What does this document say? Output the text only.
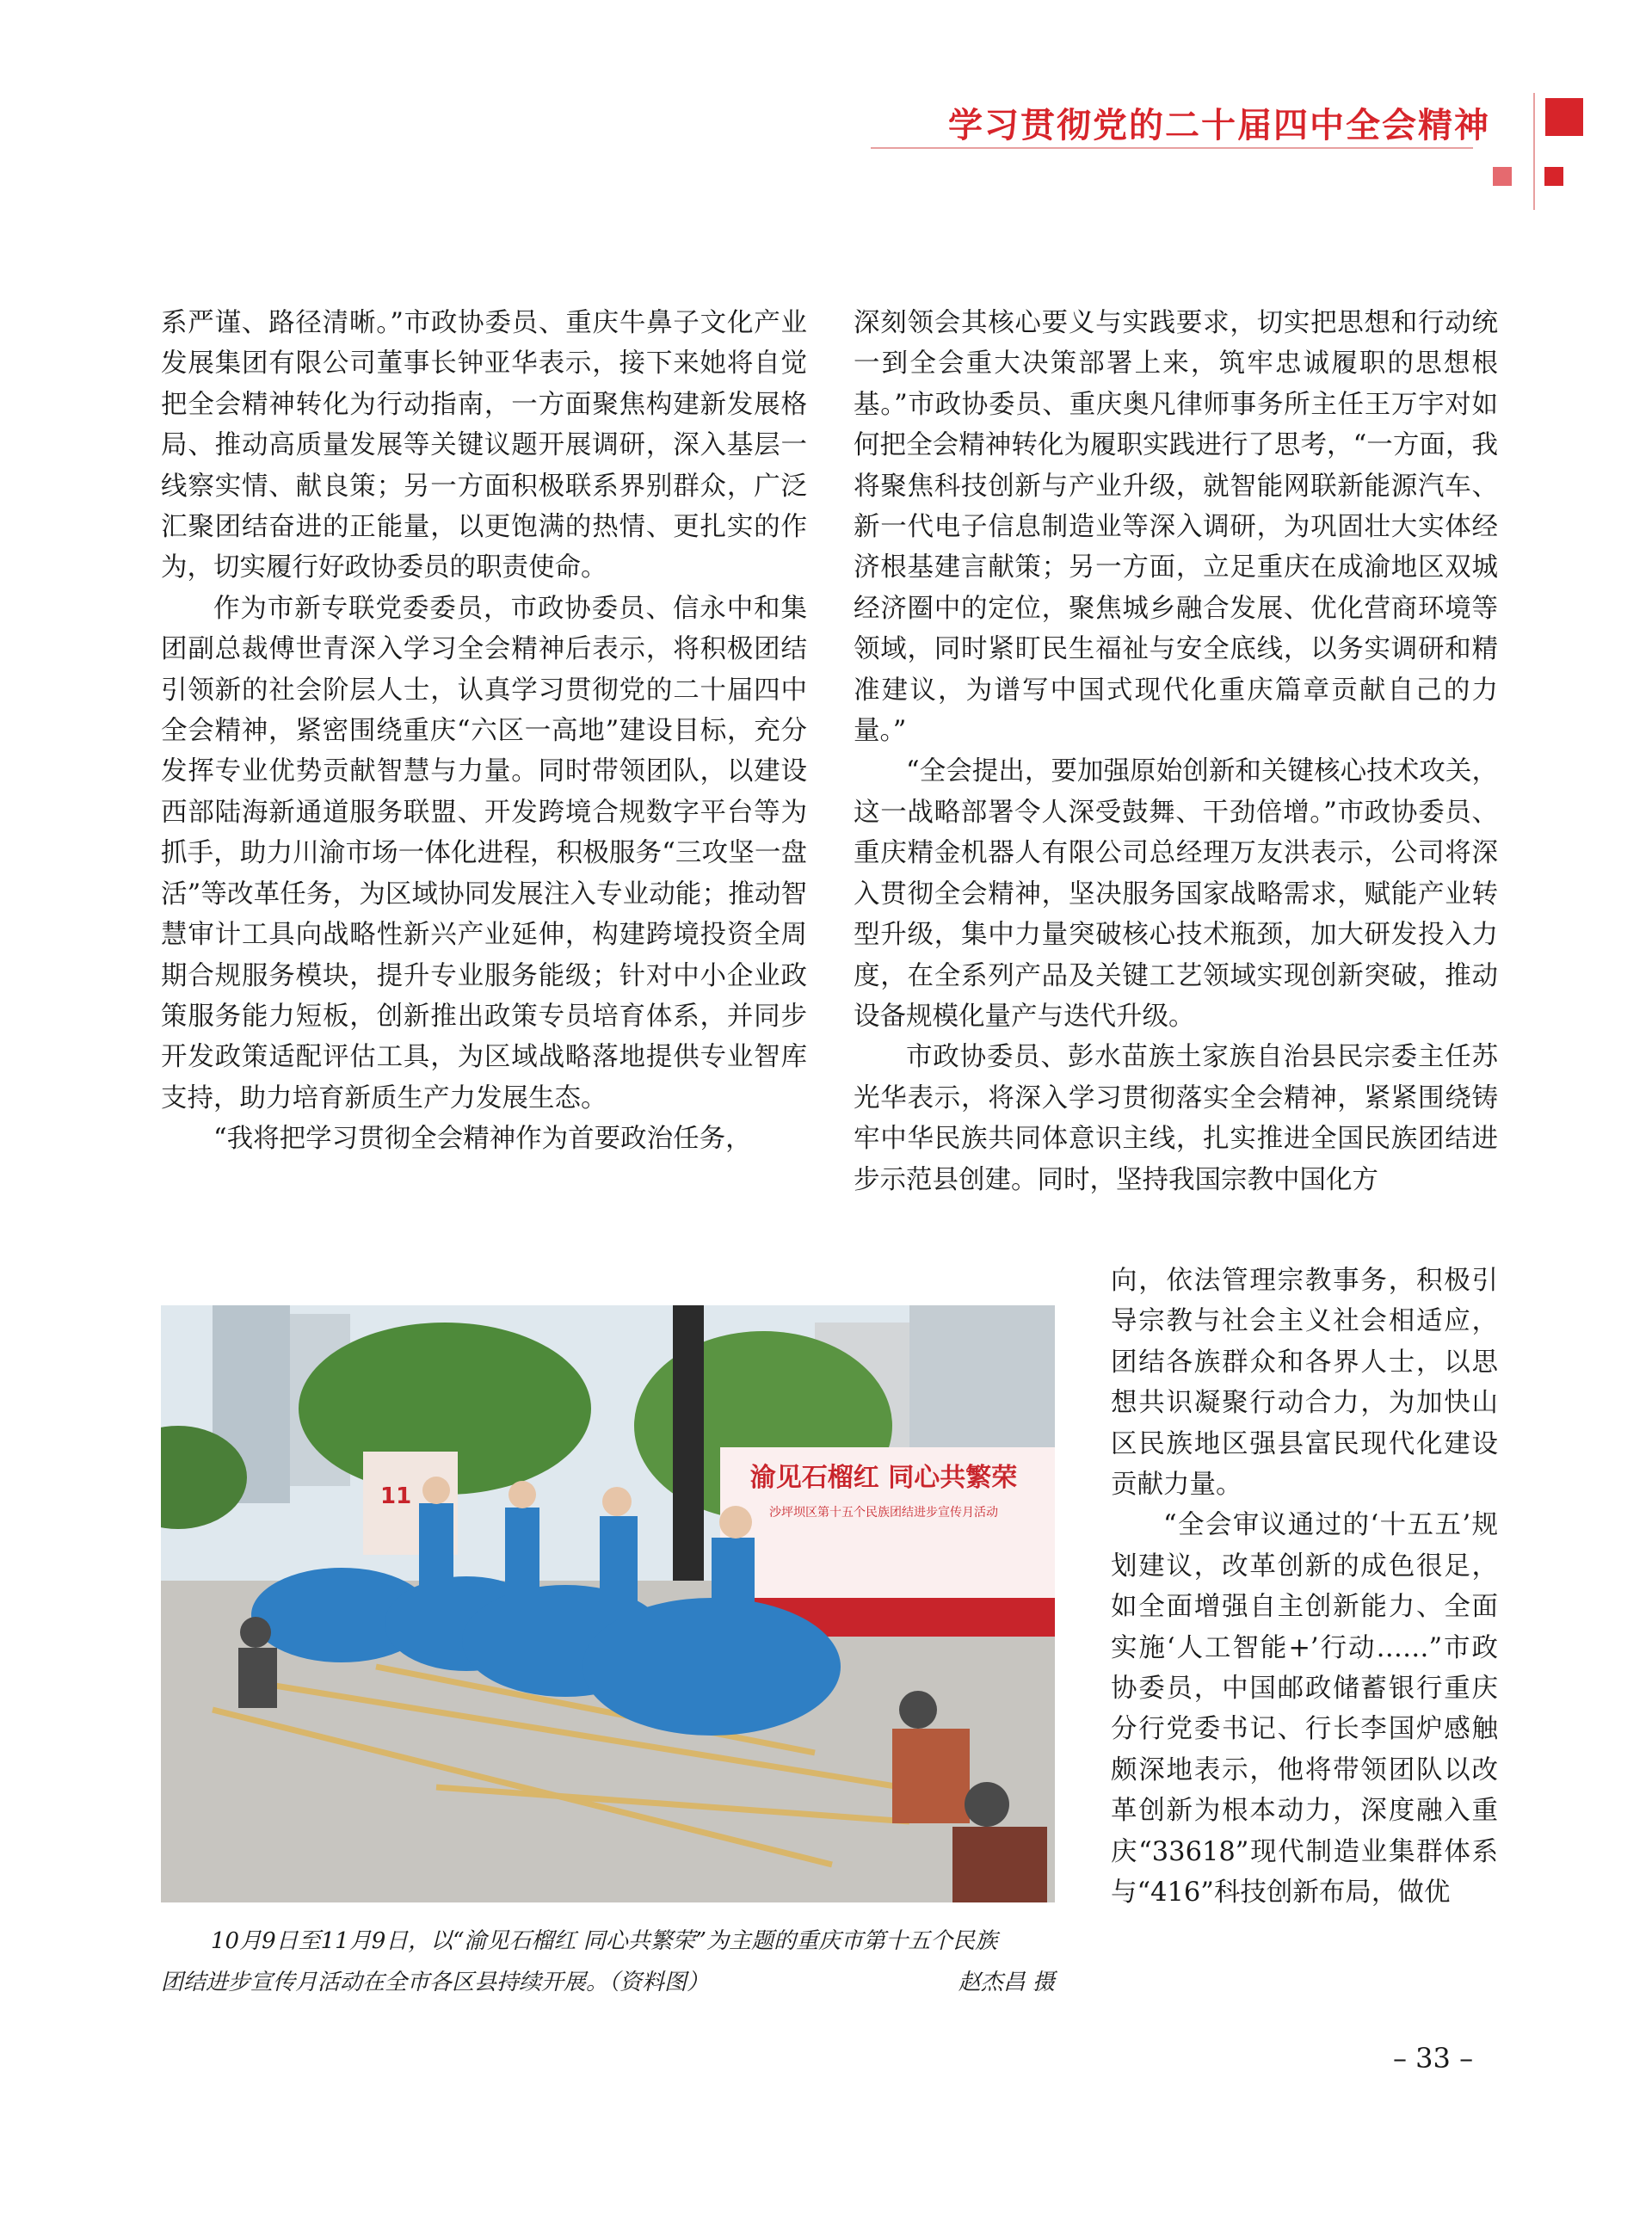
学习贯彻党的二十届四中全会精神

系严谨、路径清晰。”市政协委员、重庆牛鼻子文化产业发展集团有限公司董事长钟亚华表示，接下来她将自觉把全会精神转化为行动指南，一方面聚焦构建新发展格局、推动高质量发展等关键议题开展调研，深入基层一线察实情、献良策；另一方面积极联系界别群众，广泛汇聚团结奋进的正能量，以更饱满的热情、更扎实的作为，切实履行好政协委员的职责使命。

作为市新专联党委委员，市政协委员、信永中和集团副总裁傅世青深入学习全会精神后表示，将积极团结引领新的社会阶层人士，认真学习贯彻党的二十届四中全会精神，紧密围绕重庆“六区一高地”建设目标，充分发挥专业优势贡献智慧与力量。同时带领团队，以建设西部陆海新通道服务联盟、开发跨境合规数字平台等为抓手，助力川渝市场一体化进程，积极服务“三攻坚一盘活”等改革任务，为区域协同发展注入专业动能；推动智慧审计工具向战略性新兴产业延伸，构建跨境投资全周期合规服务模块，提升专业服务能级；针对中小企业政策服务能力短板，创新推出政策专员培育体系，并同步开发政策适配评估工具，为区域战略落地提供专业智库支持，助力培育新质生产力发展生态。

“我将把学习贯彻全会精神作为首要政治任务，

深刻领会其核心要义与实践要求，切实把思想和行动统一到全会重大决策部署上来，筑牢忠诚履职的思想根基。”市政协委员、重庆奥凡律师事务所主任王万宇对如何把全会精神转化为履职实践进行了思考，“一方面，我将聚焦科技创新与产业升级，就智能网联新能源汽车、新一代电子信息制造业等深入调研，为巩固壮大实体经济根基建言献策；另一方面，立足重庆在成渝地区双城经济圈中的定位，聚焦城乡融合发展、优化营商环境等领域，同时紧盯民生福祉与安全底线，以务实调研和精准建议，为谱写中国式现代化重庆篇章贡献自己的力量。”

“全会提出，要加强原始创新和关键核心技术攻关，这一战略部署令人深受鼓舞、干劲倍增。”市政协委员、重庆精金机器人有限公司总经理万友洪表示，公司将深入贯彻全会精神，坚决服务国家战略需求，赋能产业转型升级，集中力量突破核心技术瓶颈，加大研发投入力度，在全系列产品及关键工艺领域实现创新突破，推动设备规模化量产与迭代升级。

市政协委员、彭水苗族土家族自治县民宗委主任苏光华表示，将深入学习贯彻落实全会精神，紧紧围绕铸牢中华民族共同体意识主线，扎实推进全国民族团结进步示范县创建。同时，坚持我国宗教中国化方

向，依法管理宗教事务，积极引导宗教与社会主义社会相适应，团结各族群众和各界人士，以思想共识凝聚行动合力，为加快山区民族地区强县富民现代化建设贡献力量。

“全会审议通过的‘十五五’规划建议，改革创新的成色很足，如全面增强自主创新能力、全面实施‘人工智能+’行动……”市政协委员，中国邮政储蓄银行重庆分行党委书记、行长李国炉感触颇深地表示，他将带领团队以改革创新为根本动力，深度融入重庆“33618”现代制造业集群体系与“416”科技创新布局，做优

渝见石榴红 同心共繁荣
沙坪坝区第十五个民族团结进步宣传月活动
11

10月9日至11月9日，以“渝见石榴红 同心共繁荣”为主题的重庆市第十五个民族

团结进步宣传月活动在全市各区县持续开展。（资料图）	赵杰昌 摄
– 33 –
